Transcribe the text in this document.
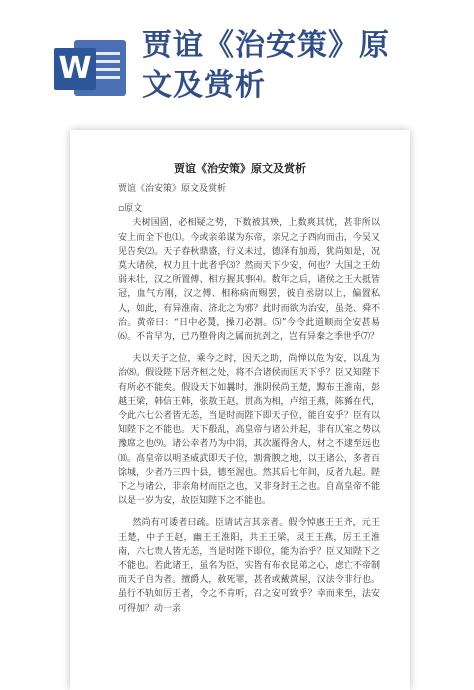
W
贾谊《治安策》原
文及赏析
贾谊《治安策》原文及赏析

贾谊《治安策》原文及赏析

▫原文

夫树国固，必相疑之势，下数被其殃，上数爽其忧，甚非所以安上而全下也⑴。今或亲弟谋为东帝，亲兄之子西向而击，今吴又见告矣⑵。天子春秋鼎盛，行义未过，德泽有加焉，犹尚如是，况莫大诸侯，权力且十此者乎⑶？然而天下少安，何也？大国之王幼弱未壮，汉之所置傅、相方握其事⑷。数年之后，诸侯之王大抵皆冠，血气方刚，汉之傅、相称病而赐罢，彼自丞尉以上，偏置私人，如此，有异淮南、济北之为邪？此时而欲为治安，虽尧、舜不治。黄帝曰：“日中必熭，操刀必割。⑸”今令此道顺而全安甚易⑹。不肯早为，已乃堕骨肉之属而抗刭之，岂有异秦之季世乎⑺？

夫以天子之位，乘今之时，因天之助，尚惮以危为安，以乱为治⑻。假设陛下居齐桓之处，将不合诸侯而匡天下乎？臣又知陛下有所必不能矣。假设天下如曩时，淮阴侯尚王楚，黥布王淮南，彭越王梁，韩信王韩，张敖王赵，贯高为相，卢绾王燕，陈豨在代，令此六七公者皆无恙，当是时而陛下即天子位，能自安乎？臣有以知陛下之不能也。天下殽乱，高皇帝与诸公并起，非有仄室之势以豫席之也⑼。诸公幸者乃为中涓，其次厪得舍人，材之不逮至远也⑽。高皇帝以明圣威武即天子位，割膏腴之地，以王诸公，多者百馀城，少者乃三四十县，德至渥也。然其后七年间，反者九起。陛下之与诸公，非亲角材而臣之也，又非身封王之也。自高皇帝不能以是一岁为安，故臣知陛下之不能也。

然尚有可诿者曰疏。臣请试言其亲者。假令悼惠王王齐，元王王楚，中子王赵，幽王王淮阳，共王王梁，灵王王燕，厉王王淮南，六七贵人皆无恙，当是时陛下即位，能为治乎？臣又知陛下之不能也。若此诸王，虽名为臣，实皆有布衣昆弟之心，虑亡不帝制而天子自为者。擅爵人，赦死罪，甚者或戴黄屋，汉法令非行也。虽行不轨如厉王者，令之不肯听，召之安可致乎？幸而来至，法安可得加？动一亲
